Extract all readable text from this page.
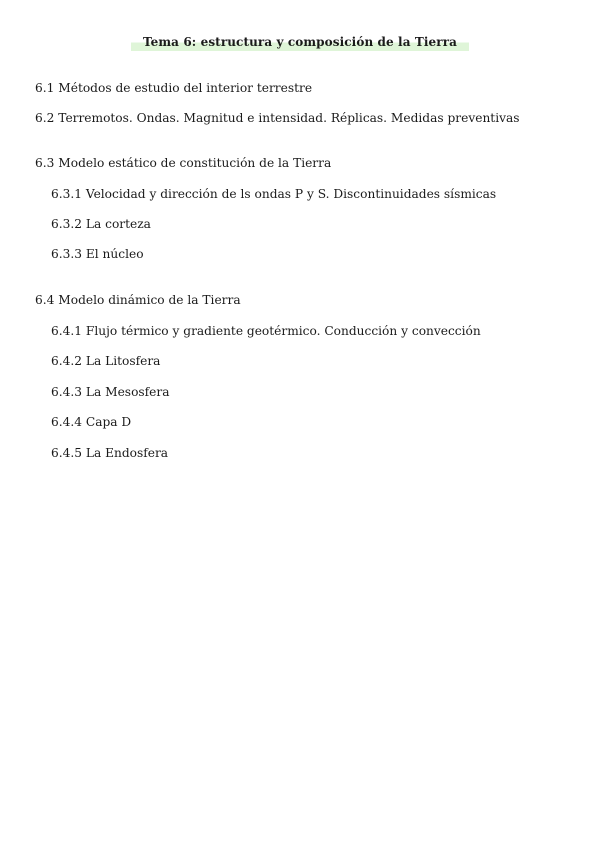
Tema 6: estructura y composición de la Tierra
6.1 Métodos de estudio del interior terrestre
6.2 Terremotos. Ondas. Magnitud e intensidad. Réplicas. Medidas preventivas
6.3 Modelo estático de constitución de la Tierra
6.3.1 Velocidad y dirección de ls ondas P y S. Discontinuidades sísmicas
6.3.2 La corteza
6.3.3 El núcleo
6.4 Modelo dinámico de la Tierra
6.4.1 Flujo térmico y gradiente geotérmico. Conducción y convección
6.4.2 La Litosfera
6.4.3 La Mesosfera
6.4.4 Capa D
6.4.5 La Endosfera
